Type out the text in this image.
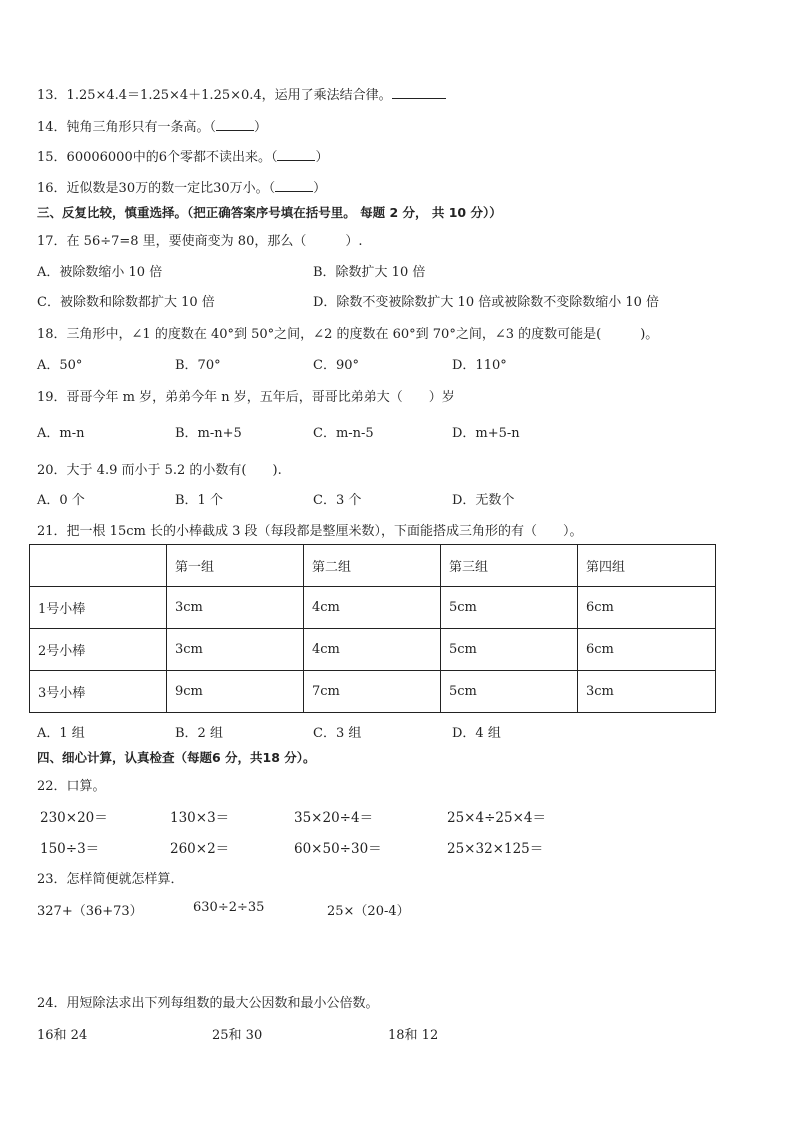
13．1.25×4.4＝1.25×4＋1.25×0.4，运用了乘法结合律。
14．钝角三角形只有一条高。（	）
15．60006000中的6个零都不读出来。（	）
16．近似数是30万的数一定比30万小。（	）
三、反复比较，慎重选择。（把正确答案序号填在括号里。 每题 2 分， 共 10 分））
17．在 56÷7=8 里，要使商变为 80，那么（　　　）.
A．被除数缩小 10 倍	B．除数扩大 10 倍
C．被除数和除数都扩大 10 倍	D．除数不变被除数扩大 10 倍或被除数不变除数缩小 10 倍
18．三角形中，∠1 的度数在 40°到 50°之间，∠2 的度数在 60°到 70°之间，∠3 的度数可能是(　　　)。
A．50°	B．70°	C．90°	D．110°
19．哥哥今年 m 岁，弟弟今年 n 岁，五年后，哥哥比弟弟大（　　）岁
A．m-n	B．m-n+5	C．m-n-5	D．m+5-n
20．大于 4.9 而小于 5.2 的小数有(　　).
A．0 个	B．1 个	C．3 个	D．无数个
21．把一根 15cm 长的小棒截成 3 段（每段都是整厘米数），下面能搭成三角形的有（　　）。
	第一组	第二组	第三组	第四组
1号小棒	3cm	4cm	5cm	6cm
2号小棒	3cm	4cm	5cm	6cm
3号小棒	9cm	7cm	5cm	3cm
A．1 组	B．2 组	C．3 组	D．4 组
四、细心计算，认真检查（每题6 分，共18 分）。
22．口算。
230×20＝	130×3＝	35×20÷4＝	25×4÷25×4＝
150÷3＝	260×2＝	60×50÷30＝	25×32×125＝
23．怎样简便就怎样算．
327+（36+73）	630÷2÷35	25×（20-4）
24．用短除法求出下列每组数的最大公因数和最小公倍数。
16和 24	25和 30	18和 12
